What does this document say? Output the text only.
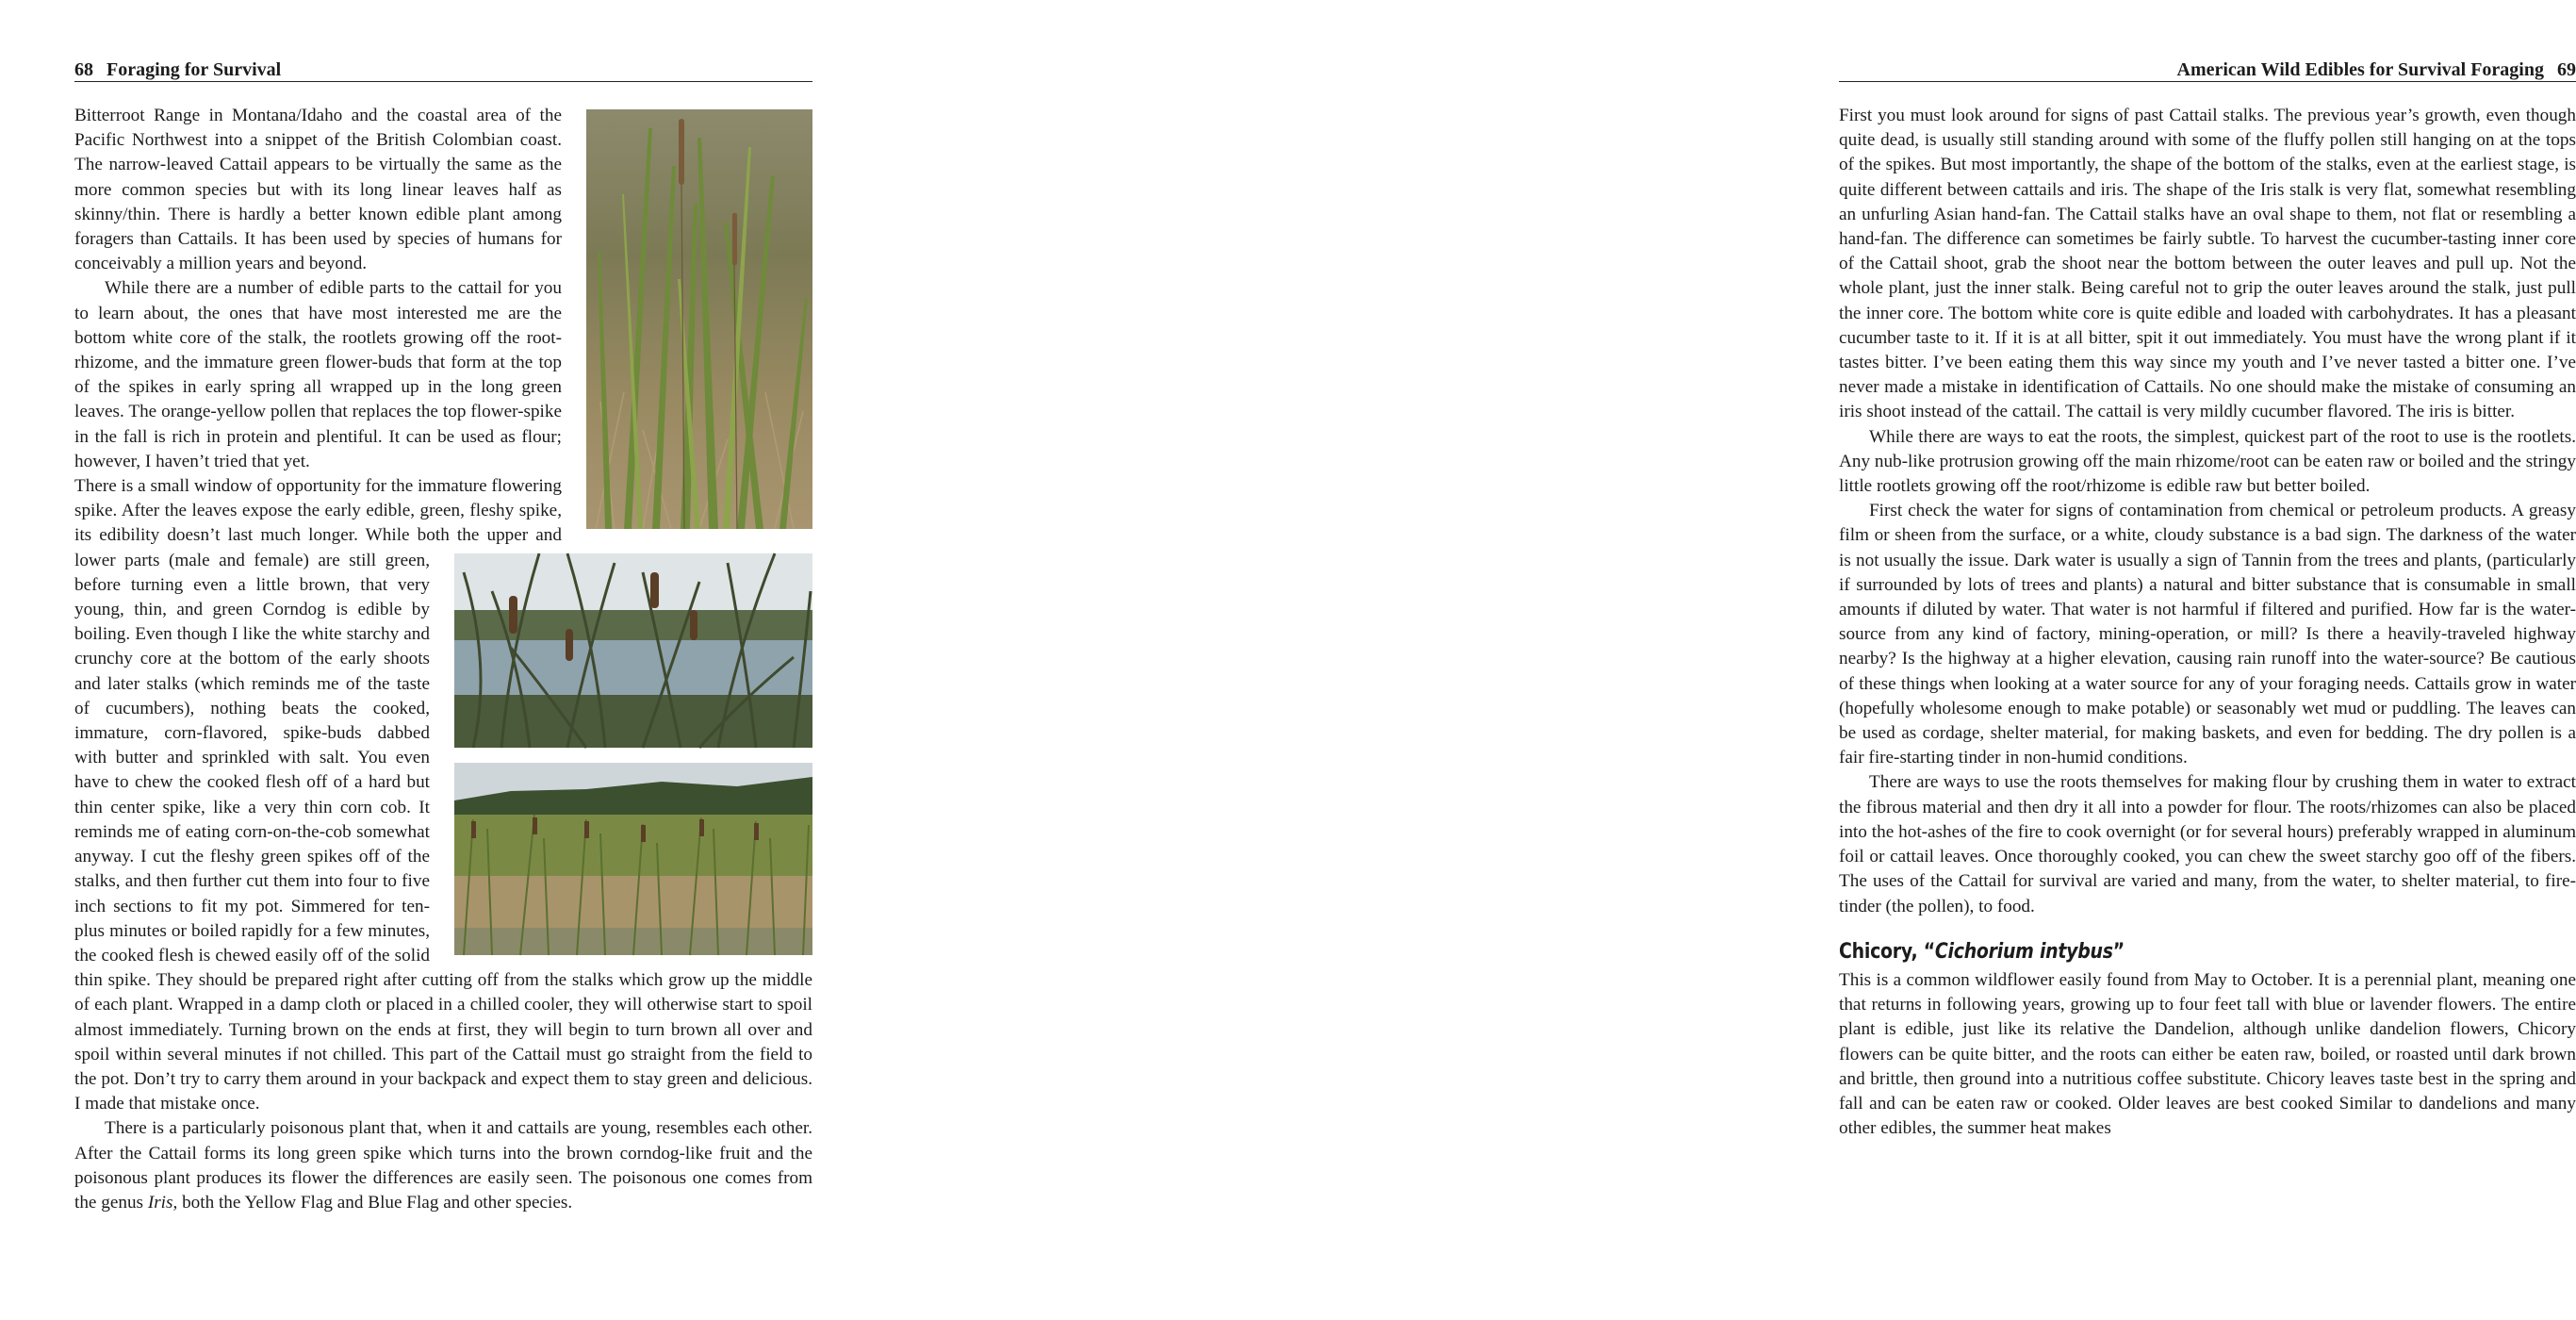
68 Foraging for Survival

Bitterroot Range in Montana/Idaho and the coastal area of the Pacific Northwest into a snippet of the British Colombian coast. The narrow-leaved Cattail appears to be virtually the same as the more common species but with its long linear leaves half as skinny/thin. There is hardly a better known edible plant among foragers than Cattails. It has been used by species of humans for conceivably a million years and beyond.

While there are a number of edible parts to the cattail for you to learn about, the ones that have most interested me are the bottom white core of the stalk, the rootlets growing off the root-rhizome, and the immature green flower-buds that form at the top of the spikes in early spring all wrapped up in the long green leaves. The orange-yellow pollen that replaces the top flower-spike in the fall is rich in protein and plentiful. It can be used as flour; however, I haven’t tried that yet.

There is a small window of opportunity for the immature flowering spike. After the leaves expose the early edible, green, fleshy spike, its edibility doesn’t last much longer. While both the upper and lower parts (male and female) are still green, before turning even a little brown, that very young, thin, and green Corndog is edible by boiling. Even though I like the white starchy and crunchy core at the bottom of the early shoots and later stalks (which reminds me of the taste of cucumbers), nothing beats the cooked, immature, corn-flavored, spike-buds dabbed with butter and sprinkled with salt. You even have to chew the cooked flesh off of a hard but thin center spike, like a very thin corn cob. It reminds me of eating corn-on-the-cob somewhat anyway. I cut the fleshy green spikes off of the stalks, and then further cut them into four to five inch sections to fit my pot. Simmered for ten-plus minutes or boiled rapidly for a few minutes, the cooked flesh is chewed easily off of the solid thin spike. They should be prepared right after cutting off from the stalks which grow up the middle of each plant. Wrapped in a damp cloth or placed in a chilled cooler, they will otherwise start to spoil almost immediately. Turning brown on the ends at first, they will begin to turn brown all over and spoil within several minutes if not chilled. This part of the Cattail must go straight from the field to the pot. Don’t try to carry them around in your backpack and expect them to stay green and delicious. I made that mistake once.

There is a particularly poisonous plant that, when it and cattails are young, resembles each other. After the Cattail forms its long green spike which turns into the brown corndog-like fruit and the poisonous plant produces its flower the differences are easily seen. The poisonous one comes from the genus Iris, both the Yellow Flag and Blue Flag and other species.

American Wild Edibles for Survival Foraging 69

First you must look around for signs of past Cattail stalks. The previous year’s growth, even though quite dead, is usually still standing around with some of the fluffy pollen still hanging on at the tops of the spikes. But most importantly, the shape of the bottom of the stalks, even at the earliest stage, is quite different between cattails and iris. The shape of the Iris stalk is very flat, somewhat resembling an unfurling Asian hand-fan. The Cattail stalks have an oval shape to them, not flat or resembling a hand-fan. The difference can sometimes be fairly subtle. To harvest the cucumber-tasting inner core of the Cattail shoot, grab the shoot near the bottom between the outer leaves and pull up. Not the whole plant, just the inner stalk. Being careful not to grip the outer leaves around the stalk, just pull the inner core. The bottom white core is quite edible and loaded with carbohydrates. It has a pleasant cucumber taste to it. If it is at all bitter, spit it out immediately. You must have the wrong plant if it tastes bitter. I’ve been eating them this way since my youth and I’ve never tasted a bitter one. I’ve never made a mistake in identification of Cattails. No one should make the mistake of consuming an iris shoot instead of the cattail. The cattail is very mildly cucumber flavored. The iris is bitter.

While there are ways to eat the roots, the simplest, quickest part of the root to use is the rootlets. Any nub-like protrusion growing off the main rhizome/root can be eaten raw or boiled and the stringy little rootlets growing off the root/rhizome is edible raw but better boiled.

First check the water for signs of contamination from chemical or petroleum products. A greasy film or sheen from the surface, or a white, cloudy substance is a bad sign. The darkness of the water is not usually the issue. Dark water is usually a sign of Tannin from the trees and plants, (particularly if surrounded by lots of trees and plants) a natural and bitter substance that is consumable in small amounts if diluted by water. That water is not harmful if filtered and purified. How far is the water-source from any kind of factory, mining-operation, or mill? Is there a heavily-traveled highway nearby? Is the highway at a higher elevation, causing rain runoff into the water-source? Be cautious of these things when looking at a water source for any of your foraging needs. Cattails grow in water (hopefully wholesome enough to make potable) or seasonably wet mud or puddling. The leaves can be used as cordage, shelter material, for making baskets, and even for bedding. The dry pollen is a fair fire-starting tinder in non-humid conditions.

There are ways to use the roots themselves for making flour by crushing them in water to extract the fibrous material and then dry it all into a powder for flour. The roots/rhizomes can also be placed into the hot-ashes of the fire to cook overnight (or for several hours) preferably wrapped in aluminum foil or cattail leaves. Once thoroughly cooked, you can chew the sweet starchy goo off of the fibers. The uses of the Cattail for survival are varied and many, from the water, to shelter material, to fire-tinder (the pollen), to food.

Chicory, “Cichorium intybus”

This is a common wildflower easily found from May to October. It is a perennial plant, meaning one that returns in following years, growing up to four feet tall with blue or lavender flowers. The entire plant is edible, just like its relative the Dandelion, although unlike dandelion flowers, Chicory flowers can be quite bitter, and the roots can either be eaten raw, boiled, or roasted until dark brown and brittle, then ground into a nutritious coffee substitute. Chicory leaves taste best in the spring and fall and can be eaten raw or cooked. Older leaves are best cooked Similar to dandelions and many other edibles, the summer heat makes
